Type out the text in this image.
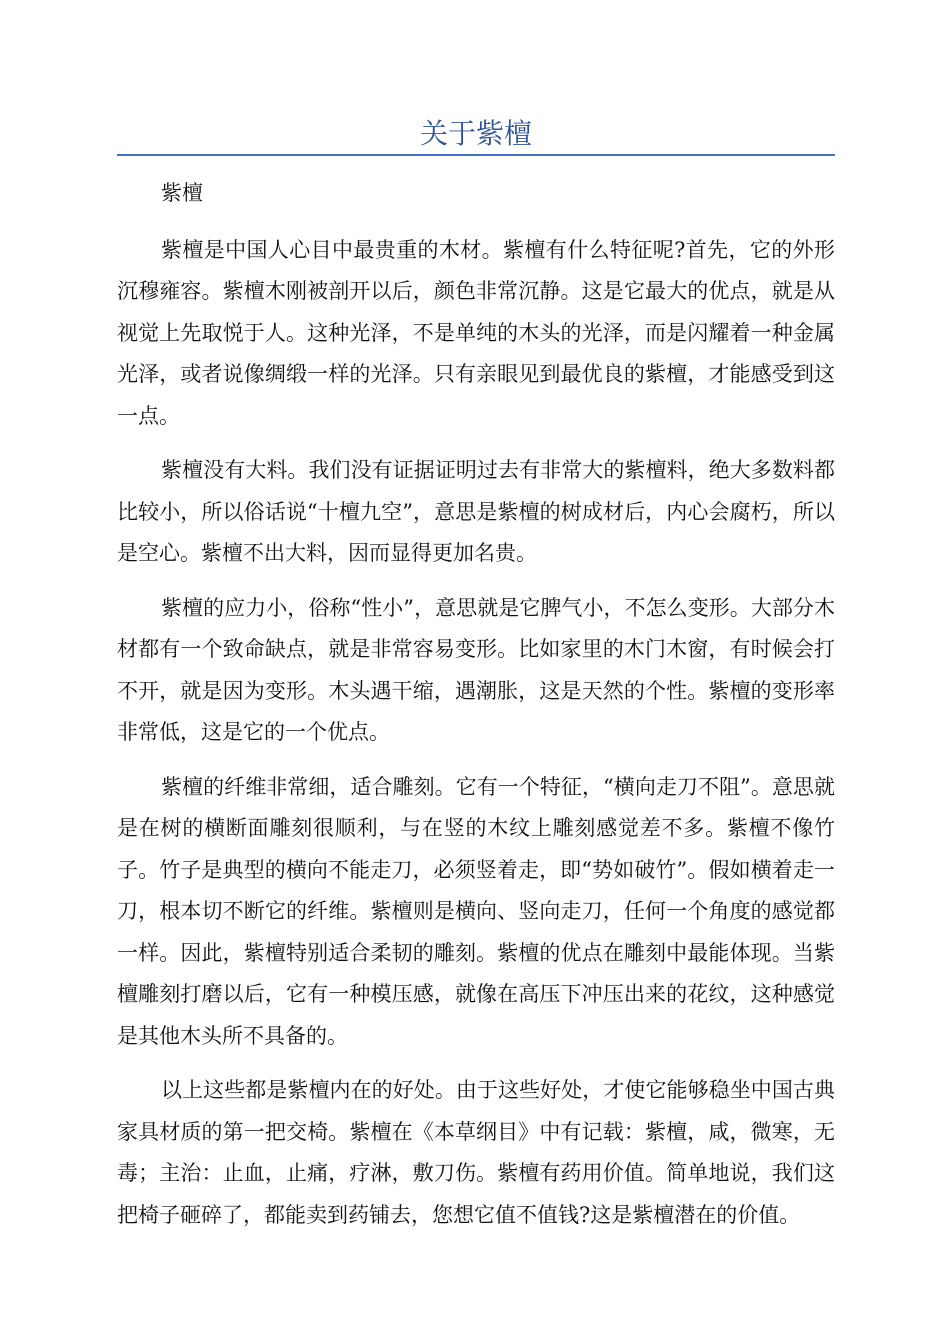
关于紫檀

紫檀

紫檀是中国人心目中最贵重的木材。紫檀有什么特征呢?首先，它的外形沉穆雍容。紫檀木刚被剖开以后，颜色非常沉静。这是它最大的优点，就是从视觉上先取悦于人。这种光泽，不是单纯的木头的光泽，而是闪耀着一种金属光泽，或者说像绸缎一样的光泽。只有亲眼见到最优良的紫檀，才能感受到这一点。

紫檀没有大料。我们没有证据证明过去有非常大的紫檀料，绝大多数料都比较小，所以俗话说“十檀九空”，意思是紫檀的树成材后，内心会腐朽，所以是空心。紫檀不出大料，因而显得更加名贵。

紫檀的应力小，俗称“性小”，意思就是它脾气小，不怎么变形。大部分木材都有一个致命缺点，就是非常容易变形。比如家里的木门木窗，有时候会打不开，就是因为变形。木头遇干缩，遇潮胀，这是天然的个性。紫檀的变形率非常低，这是它的一个优点。

紫檀的纤维非常细，适合雕刻。它有一个特征，“横向走刀不阻”。意思就是在树的横断面雕刻很顺利，与在竖的木纹上雕刻感觉差不多。紫檀不像竹子。竹子是典型的横向不能走刀，必须竖着走，即“势如破竹”。假如横着走一刀，根本切不断它的纤维。紫檀则是横向、竖向走刀，任何一个角度的感觉都一样。因此，紫檀特别适合柔韧的雕刻。紫檀的优点在雕刻中最能体现。当紫檀雕刻打磨以后，它有一种模压感，就像在高压下冲压出来的花纹，这种感觉是其他木头所不具备的。

以上这些都是紫檀内在的好处。由于这些好处，才使它能够稳坐中国古典家具材质的第一把交椅。紫檀在《本草纲目》中有记载：紫檀，咸，微寒，无毒；主治：止血，止痛，疗淋，敷刀伤。紫檀有药用价值。简单地说，我们这把椅子砸碎了，都能卖到药铺去，您想它值不值钱?这是紫檀潜在的价值。
